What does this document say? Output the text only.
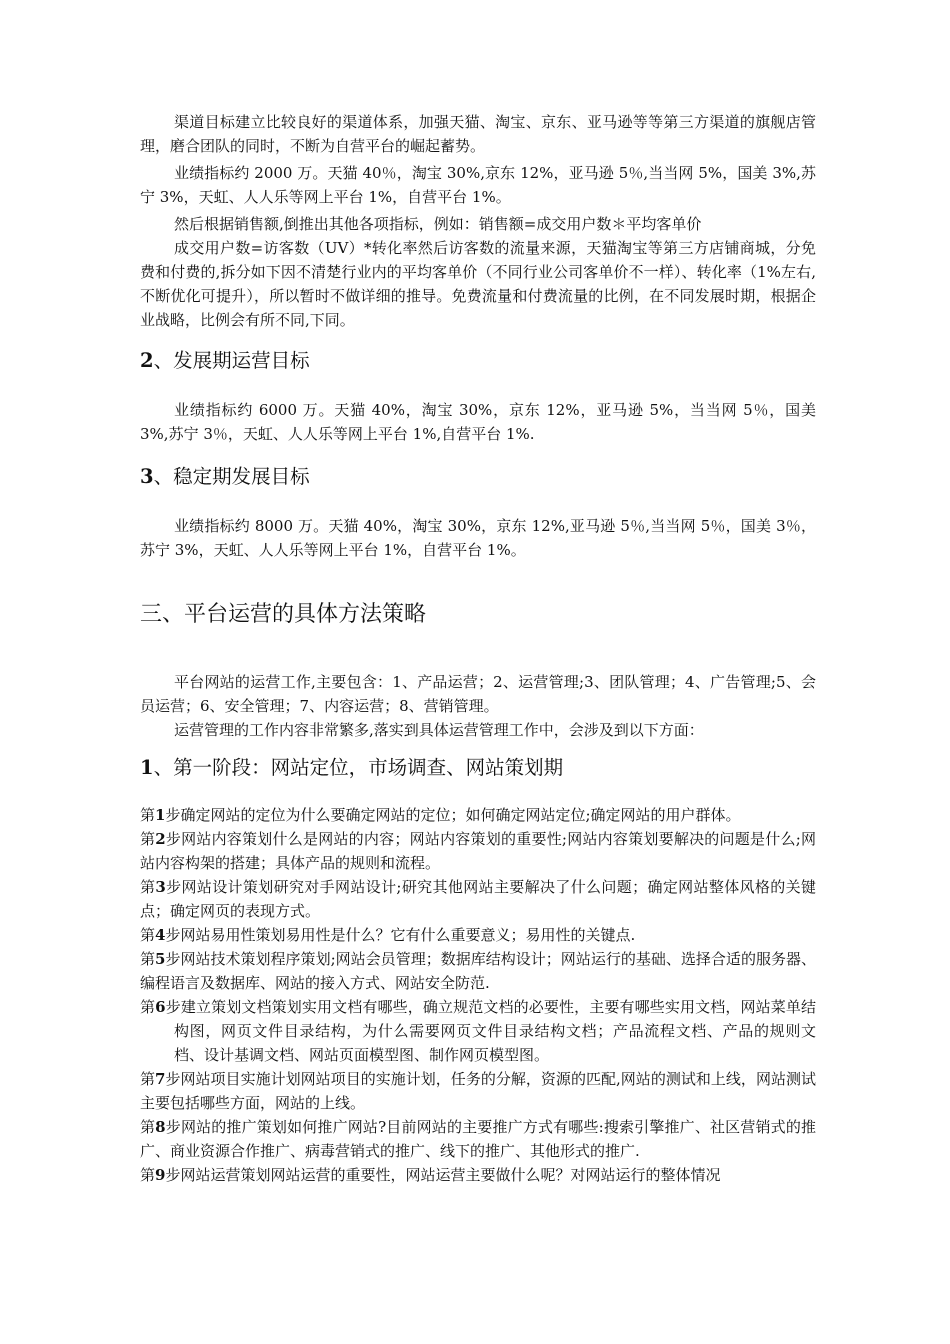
渠道目标建立比较良好的渠道体系，加强天猫、淘宝、京东、亚马逊等等第三方渠道的旗舰店管理，磨合团队的同时，不断为自营平台的崛起蓄势。

业绩指标约 2000 万。天猫 40％，淘宝 30%,京东 12%，亚马逊 5％,当当网 5%，国美 3%,苏宁 3%，天虹、人人乐等网上平台 1%，自营平台 1%。

然后根据销售额,倒推出其他各项指标，例如：销售额=成交用户数＊平均客单价

成交用户数=访客数（UV）*转化率然后访客数的流量来源，天猫淘宝等第三方店铺商城，分免费和付费的,拆分如下因不清楚行业内的平均客单价（不同行业公司客单价不一样）、转化率（1%左右,不断优化可提升），所以暂时不做详细的推导。免费流量和付费流量的比例，在不同发展时期，根据企业战略，比例会有所不同,下同。

2、发展期运营目标

业绩指标约 6000 万。天猫 40%，淘宝 30%，京东 12%，亚马逊 5%，当当网 5％，国美 3%,苏宁 3％，天虹、人人乐等网上平台 1%,自营平台 1%.

3、稳定期发展目标

业绩指标约 8000 万。天猫 40%，淘宝 30%，京东 12%,亚马逊 5％,当当网 5％，国美 3％，苏宁 3%，天虹、人人乐等网上平台 1%，自营平台 1%。

三、平台运营的具体方法策略

平台网站的运营工作,主要包含：1、产品运营；2、运营管理;3、团队管理；4、广告管理;5、会员运营；6、安全管理；7、内容运营；8、营销管理。

运营管理的工作内容非常繁多,落实到具体运营管理工作中，会涉及到以下方面：

1、第一阶段：网站定位，市场调查、网站策划期

第1步确定网站的定位为什么要确定网站的定位；如何确定网站定位;确定网站的用户群体。

第2步网站内容策划什么是网站的内容；网站内容策划的重要性;网站内容策划要解决的问题是什么;网站内容构架的搭建；具体产品的规则和流程。

第3步网站设计策划研究对手网站设计;研究其他网站主要解决了什么问题；确定网站整体风格的关键点；确定网页的表现方式。

第4步网站易用性策划易用性是什么？它有什么重要意义；易用性的关键点.

第5步网站技术策划程序策划;网站会员管理；数据库结构设计；网站运行的基础、选择合适的服务器、编程语言及数据库、网站的接入方式、网站安全防范.

第6步建立策划文档策划实用文档有哪些，确立规范文档的必要性，主要有哪些实用文档，网站菜单结构图，网页文件目录结构，为什么需要网页文件目录结构文档；产品流程文档、产品的规则文档、设计基调文档、网站页面模型图、制作网页模型图。

第7步网站项目实施计划网站项目的实施计划，任务的分解，资源的匹配,网站的测试和上线，网站测试主要包括哪些方面，网站的上线。

第8步网站的推广策划如何推广网站?目前网站的主要推广方式有哪些:搜索引擎推广、社区营销式的推广、商业资源合作推广、病毒营销式的推广、线下的推广、其他形式的推广.

第9步网站运营策划网站运营的重要性，网站运营主要做什么呢？对网站运行的整体情况
